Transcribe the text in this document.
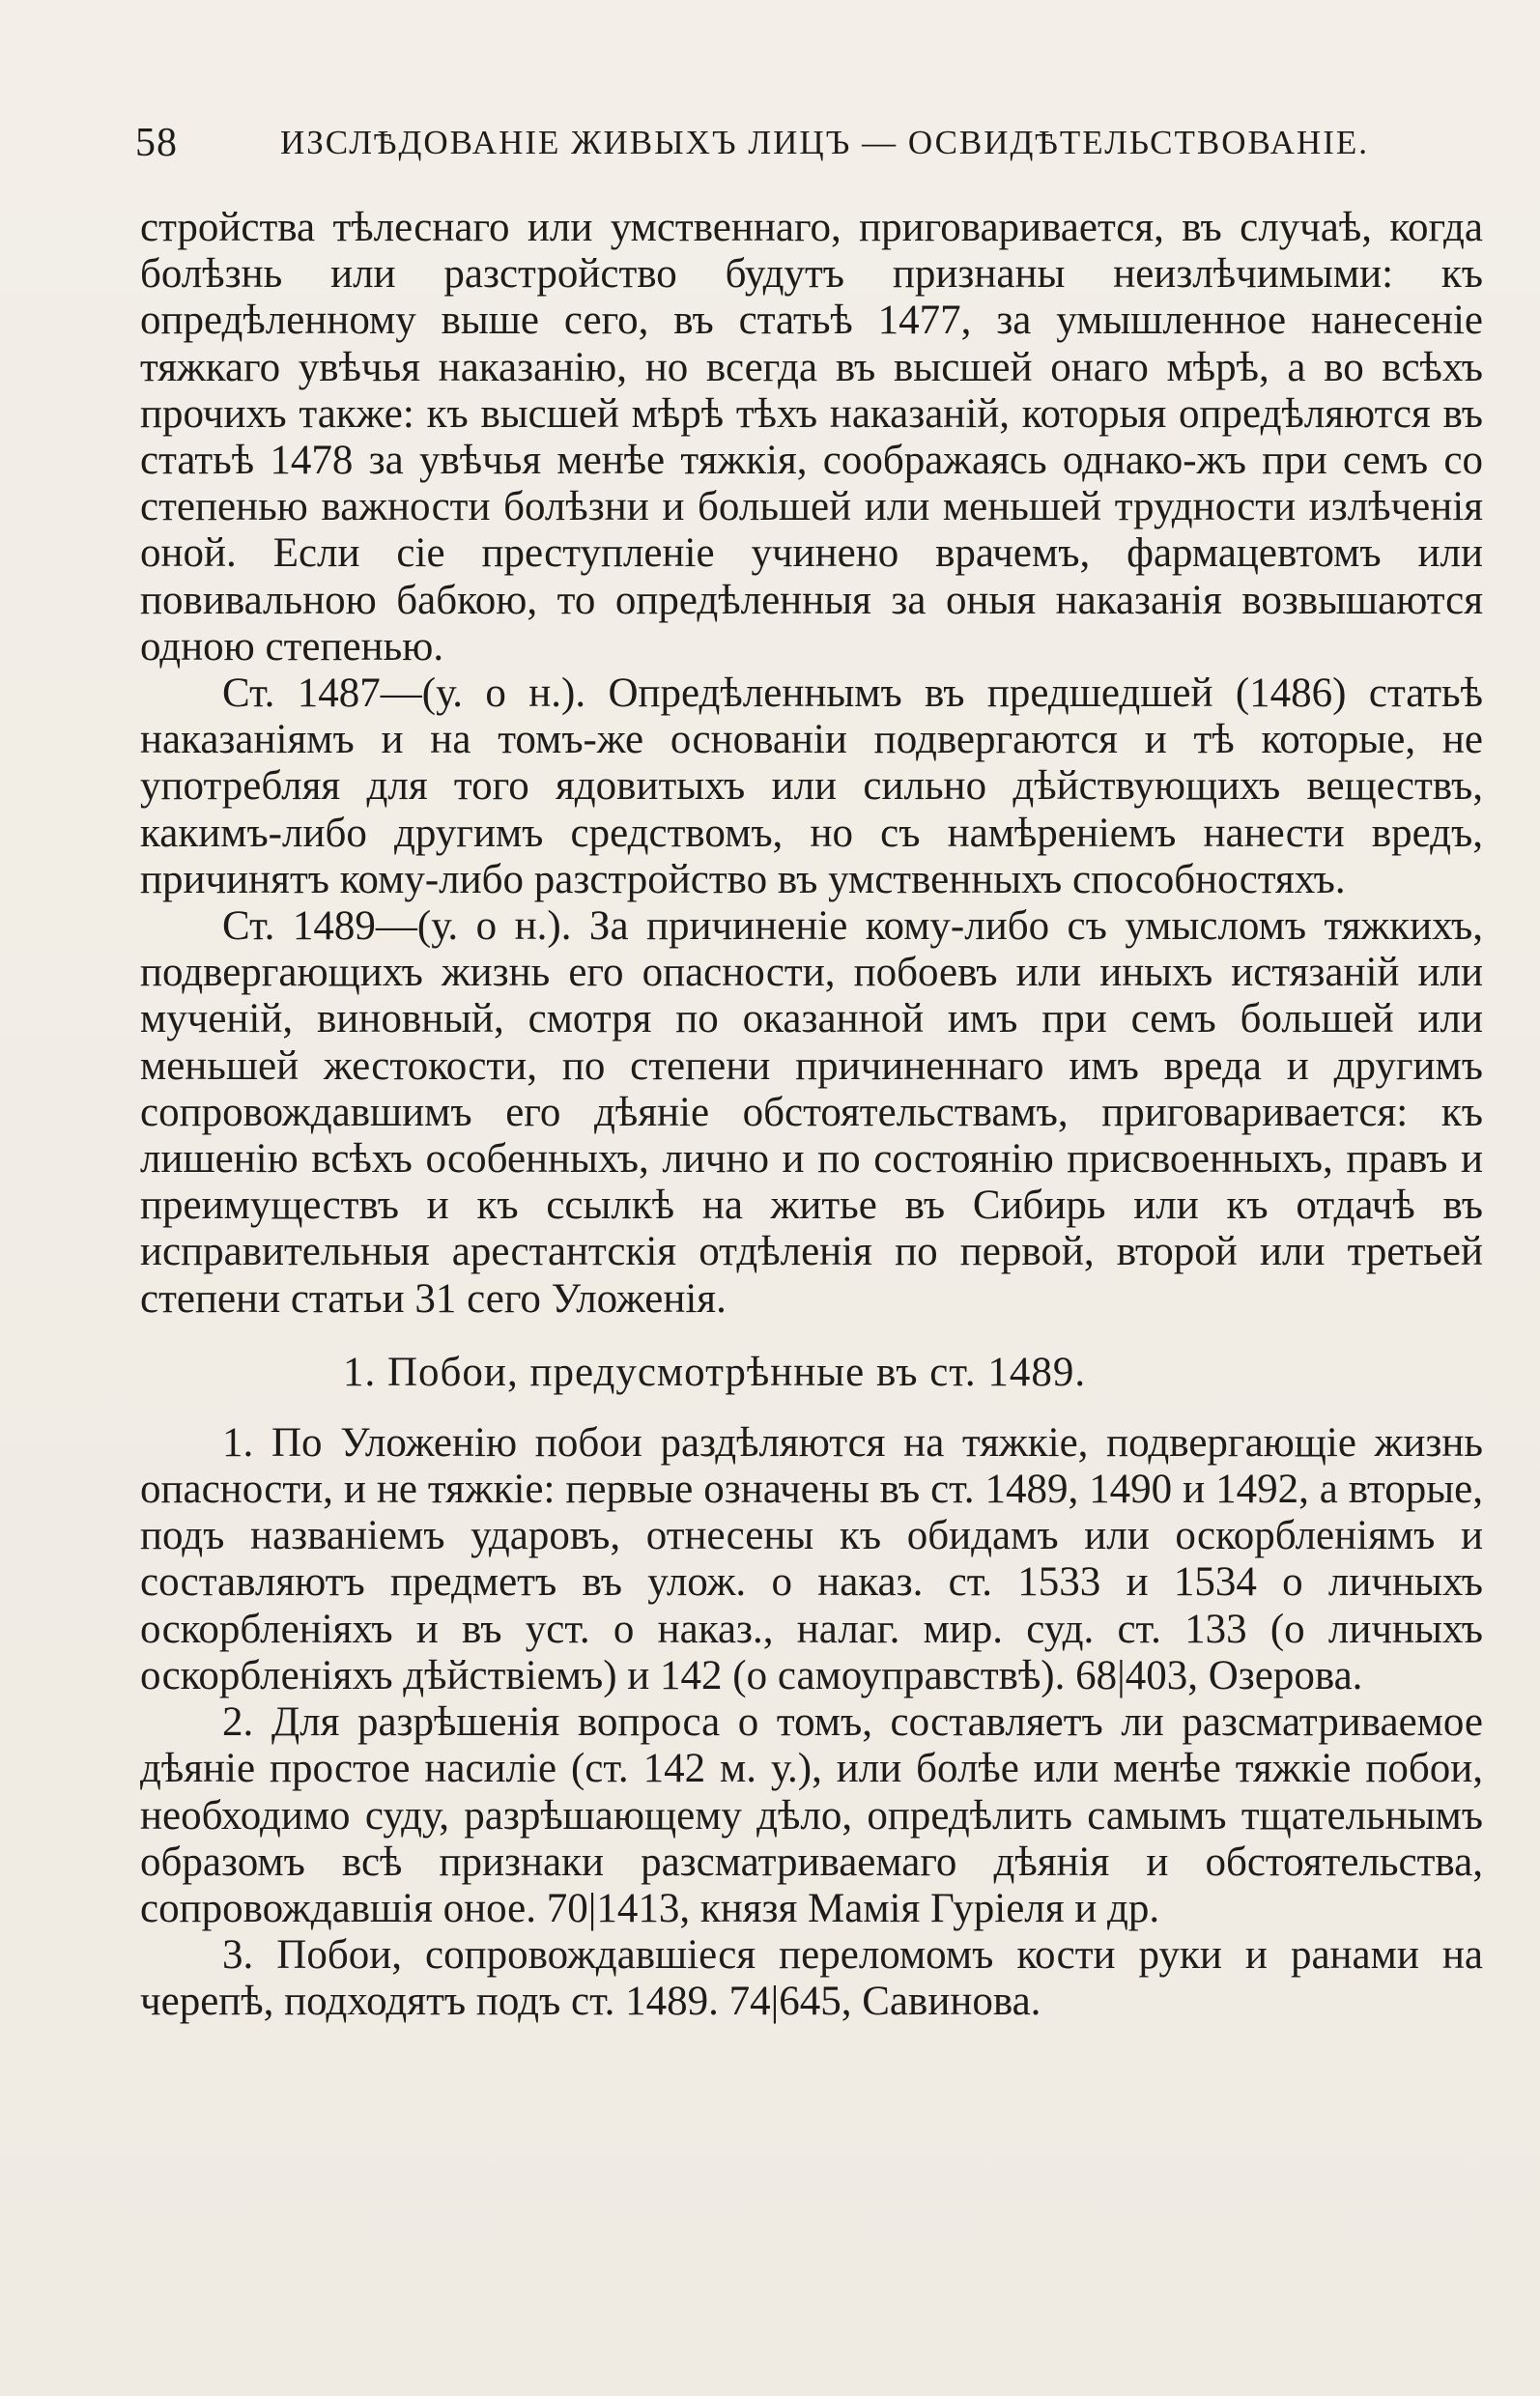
58	ИЗСЛѢДОВАНІЕ ЖИВЫХЪ ЛИЦЪ — ОСВИДѢТЕЛЬСТВОВАНІЕ.

стройства тѣлеснаго или умственнаго, приговаривается, въ случаѣ, когда болѣзнь или разстройство будутъ признаны неизлѣчимыми: къ опредѣленному выше сего, въ статьѣ 1477, за умышленное нанесеніе тяжкаго увѣчья наказанію, но всегда въ высшей онаго мѣрѣ, а во всѣхъ прочихъ также: къ высшей мѣрѣ тѣхъ наказаній, которыя опредѣляются въ статьѣ 1478 за увѣчья менѣе тяжкія, соображаясь однако-жъ при семъ со степенью важности болѣзни и большей или меньшей трудности излѣченія оной. Если сіе преступленіе учинено врачемъ, фармацевтомъ или повивальною бабкою, то опредѣленныя за оныя наказанія возвышаются одною степенью.

Ст. 1487—(у. о н.). Опредѣленнымъ въ предшедшей (1486) статьѣ наказаніямъ и на томъ-же основаніи подвергаются и тѣ которые, не употребляя для того ядовитыхъ или сильно дѣйствующихъ веществъ, какимъ-либо другимъ средствомъ, но съ намѣреніемъ нанести вредъ, причинятъ кому-либо разстройство въ умственныхъ способностяхъ.

Ст. 1489—(у. о н.). За причиненіе кому-либо съ умысломъ тяжкихъ, подвергающихъ жизнь его опасности, побоевъ или иныхъ истязаній или мученій, виновный, смотря по оказанной имъ при семъ большей или меньшей жестокости, по степени причиненнаго имъ вреда и другимъ сопровождавшимъ его дѣяніе обстоятельствамъ, приговаривается: къ лишенію всѣхъ особенныхъ, лично и по состоянію присвоенныхъ, правъ и преимуществъ и къ ссылкѣ на житье въ Сибирь или къ отдачѣ въ исправительныя арестантскія отдѣленія по первой, второй или третьей степени статьи 31 сего Уложенія.

1. Побои, предусмотрѣнные въ ст. 1489.

1. По Уложенію побои раздѣляются на тяжкіе, подвергающіе жизнь опасности, и не тяжкіе: первые означены въ ст. 1489, 1490 и 1492, а вторые, подъ названіемъ ударовъ, отнесены къ обидамъ или оскорбленіямъ и составляютъ предметъ въ улож. о наказ. ст. 1533 и 1534 о личныхъ оскорбленіяхъ и въ уст. о наказ., налаг. мир. суд. ст. 133 (о личныхъ оскорбленіяхъ дѣйствіемъ) и 142 (о самоуправствѣ). 68|403, Озерова.

2. Для разрѣшенія вопроса о томъ, составляетъ ли разсматриваемое дѣяніе простое насиліе (ст. 142 м. у.), или болѣе или менѣе тяжкіе побои, необходимо суду, разрѣшающему дѣло, опредѣлить самымъ тщательнымъ образомъ всѣ признаки разсматриваемаго дѣянія и обстоятельства, сопровождавшія оное. 70|1413, князя Мамія Гуріеля и др.

3. Побои, сопровождавшіеся переломомъ кости руки и ранами на черепѣ, подходятъ подъ ст. 1489. 74|645, Савинова.
